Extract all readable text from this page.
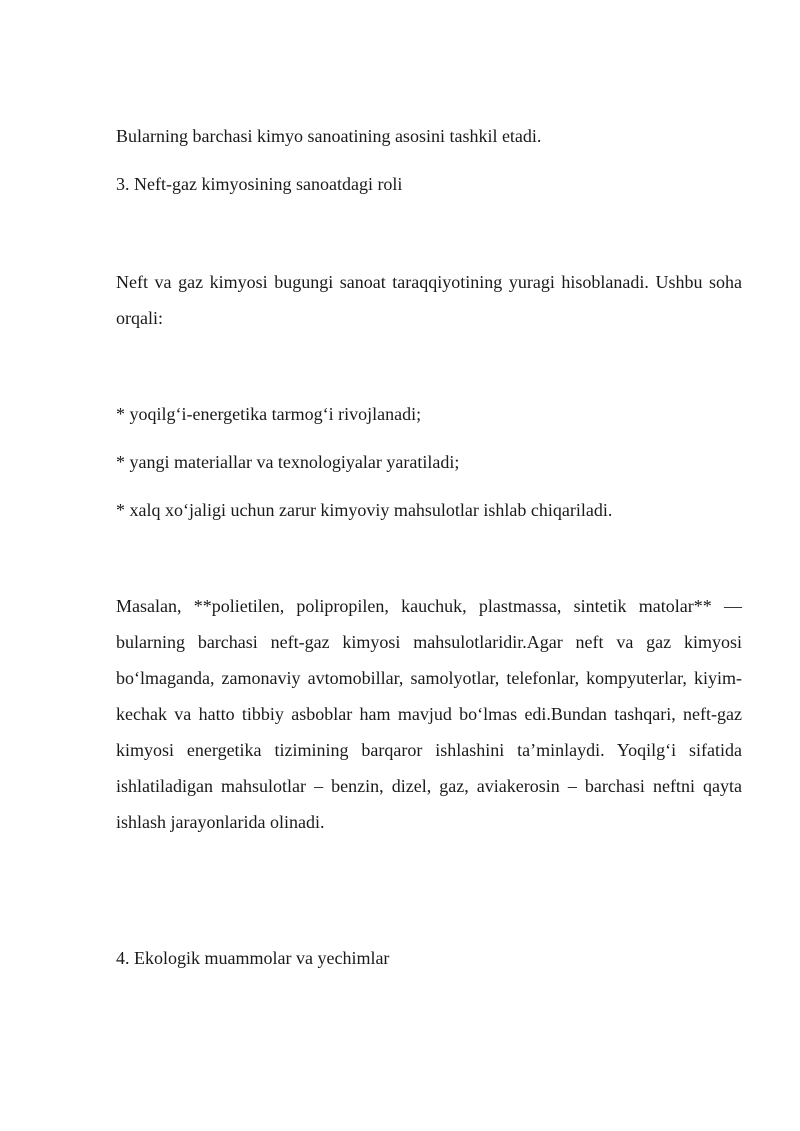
Bularning barchasi kimyo sanoatining asosini tashkil etadi.

3. Neft-gaz kimyosining sanoatdagi roli

Neft va gaz kimyosi bugungi sanoat taraqqiyotining yuragi hisoblanadi. Ushbu soha orqali:

* yoqilg‘i-energetika tarmog‘i rivojlanadi;

* yangi materiallar va texnologiyalar yaratiladi;

* xalq xo‘jaligi uchun zarur kimyoviy mahsulotlar ishlab chiqariladi.

Masalan, **polietilen, polipropilen, kauchuk, plastmassa, sintetik matolar** — bularning barchasi neft-gaz kimyosi mahsulotlaridir.Agar neft va gaz kimyosi bo‘lmaganda, zamonaviy avtomobillar, samolyotlar, telefonlar, kompyuterlar, kiyim-kechak va hatto tibbiy asboblar ham mavjud bo‘lmas edi.Bundan tashqari, neft-gaz kimyosi energetika tizimining barqaror ishlashini ta’minlaydi. Yoqilg‘i sifatida ishlatiladigan mahsulotlar – benzin, dizel, gaz, aviakerosin – barchasi neftni qayta ishlash jarayonlarida olinadi.

4. Ekologik muammolar va yechimlar
